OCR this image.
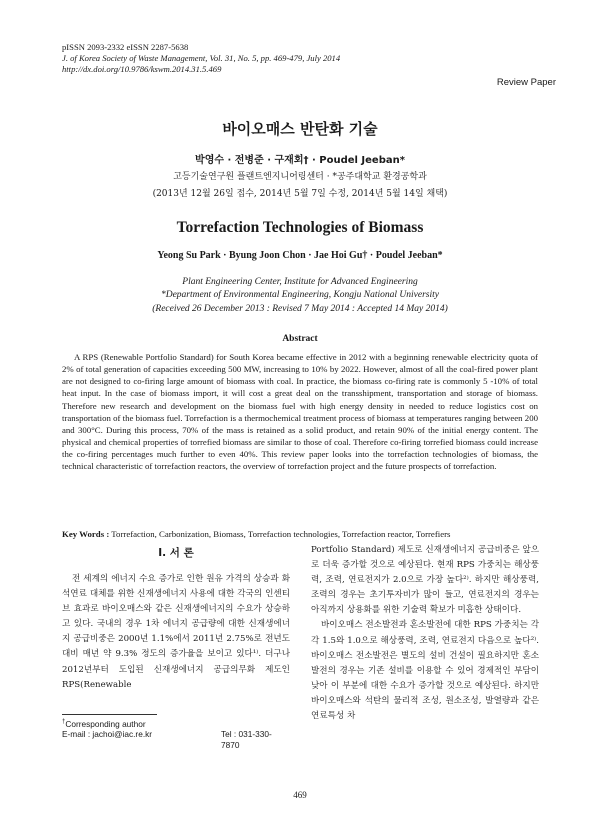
pISSN 2093-2332 eISSN 2287-5638
J. of Korea Society of Waste Management, Vol. 31, No. 5, pp. 469-479, July 2014
http://dx.doi.org/10.9786/kswm.2014.31.5.469
Review Paper
바이오매스 반탄화 기술
박영수 · 전병준 · 구재회† · Poudel Jeeban*
고등기술연구원 플랜트엔지니어링센터 · *공주대학교 환경공학과
(2013년 12월 26일 접수, 2014년 5월 7일 수정, 2014년 5월 14일 채택)
Torrefaction Technologies of Biomass
Yeong Su Park · Byung Joon Chon · Jae Hoi Gu† · Poudel Jeeban*
Plant Engineering Center, Institute for Advanced Engineering
*Department of Environmental Engineering, Kongju National University
(Received 26 December 2013 : Revised 7 May 2014 : Accepted 14 May 2014)
Abstract

A RPS (Renewable Portfolio Standard) for South Korea became effective in 2012 with a beginning renewable electricity quota of 2% of total generation of capacities exceeding 500 MW, increasing to 10% by 2022. However, almost of all the coal-fired power plant are not designed to co-firing large amount of biomass with coal. In practice, the biomass co-firing rate is commonly 5 -10% of total heat input. In the case of biomass import, it will cost a great deal on the transshipment, transportation and storage of biomass. Therefore new research and development on the biomass fuel with high energy density in needed to reduce logistics cost on transportation of the biomass fuel. Torrefaction is a thermochemical treatment process of biomass at temperatures ranging between 200 and 300°C. During this process, 70% of the mass is retained as a solid product, and retain 90% of the initial energy content. The physical and chemical properties of torrefied biomass are similar to those of coal. Therefore co-firing torrefied biomass could increase the co-firing percentages much further to even 40%. This review paper looks into the torrefaction technologies of biomass, the technical characteristic of torrefaction reactors, the overview of torrefaction project and the future prospects of torrefaction.

Key Words : Torrefaction, Carbonization, Biomass, Torrefaction technologies, Torrefaction reactor, Torrefiers
I. 서 론

전 세계의 에너지 수요 증가로 인한 원유 가격의 상승과 화석연료 대체를 위한 신재생에너지 사용에 대한 각국의 인센티브 효과로 바이오매스와 같은 신재생에너지의 수요가 상승하고 있다. 국내의 경우 1차 에너지 공급량에 대한 신재생에너지 공급비중은 2000년 1.1%에서 2011년 2.75%로 전년도 대비 매년 약 9.3% 정도의 증가율을 보이고 있다¹⁾. 더구나 2012년부터 도입된 신재생에너지 공급의무화 제도인 RPS(Renewable

Portfolio Standard) 제도로 신재생에너지 공급비중은 앞으로 더욱 증가할 것으로 예상된다. 현재 RPS 가중치는 해상풍력, 조력, 연료전지가 2.0으로 가장 높다²⁾. 하지만 해상풍력, 조력의 경우는 초기투자비가 많이 들고, 연료전지의 경우는 아직까지 상용화를 위한 기술력 확보가 미흡한 상태이다.

바이오매스 전소발전과 혼소발전에 대한 RPS 가중치는 각각 1.5와 1.0으로 해상풍력, 조력, 연료전지 다음으로 높다²⁾. 바이오매스 전소발전은 별도의 설비 건설이 필요하지만 혼소발전의 경우는 기존 설비를 이용할 수 있어 경제적인 부담이 낮아 이 부분에 대한 수요가 증가할 것으로 예상된다. 하지만 바이오매스와 석탄의 물리적 조성, 원소조성, 발열량과 같은 연료특성 차

†Corresponding author
E-mail : jachoi@iac.re.kr	Tel : 031-330-7870
469
